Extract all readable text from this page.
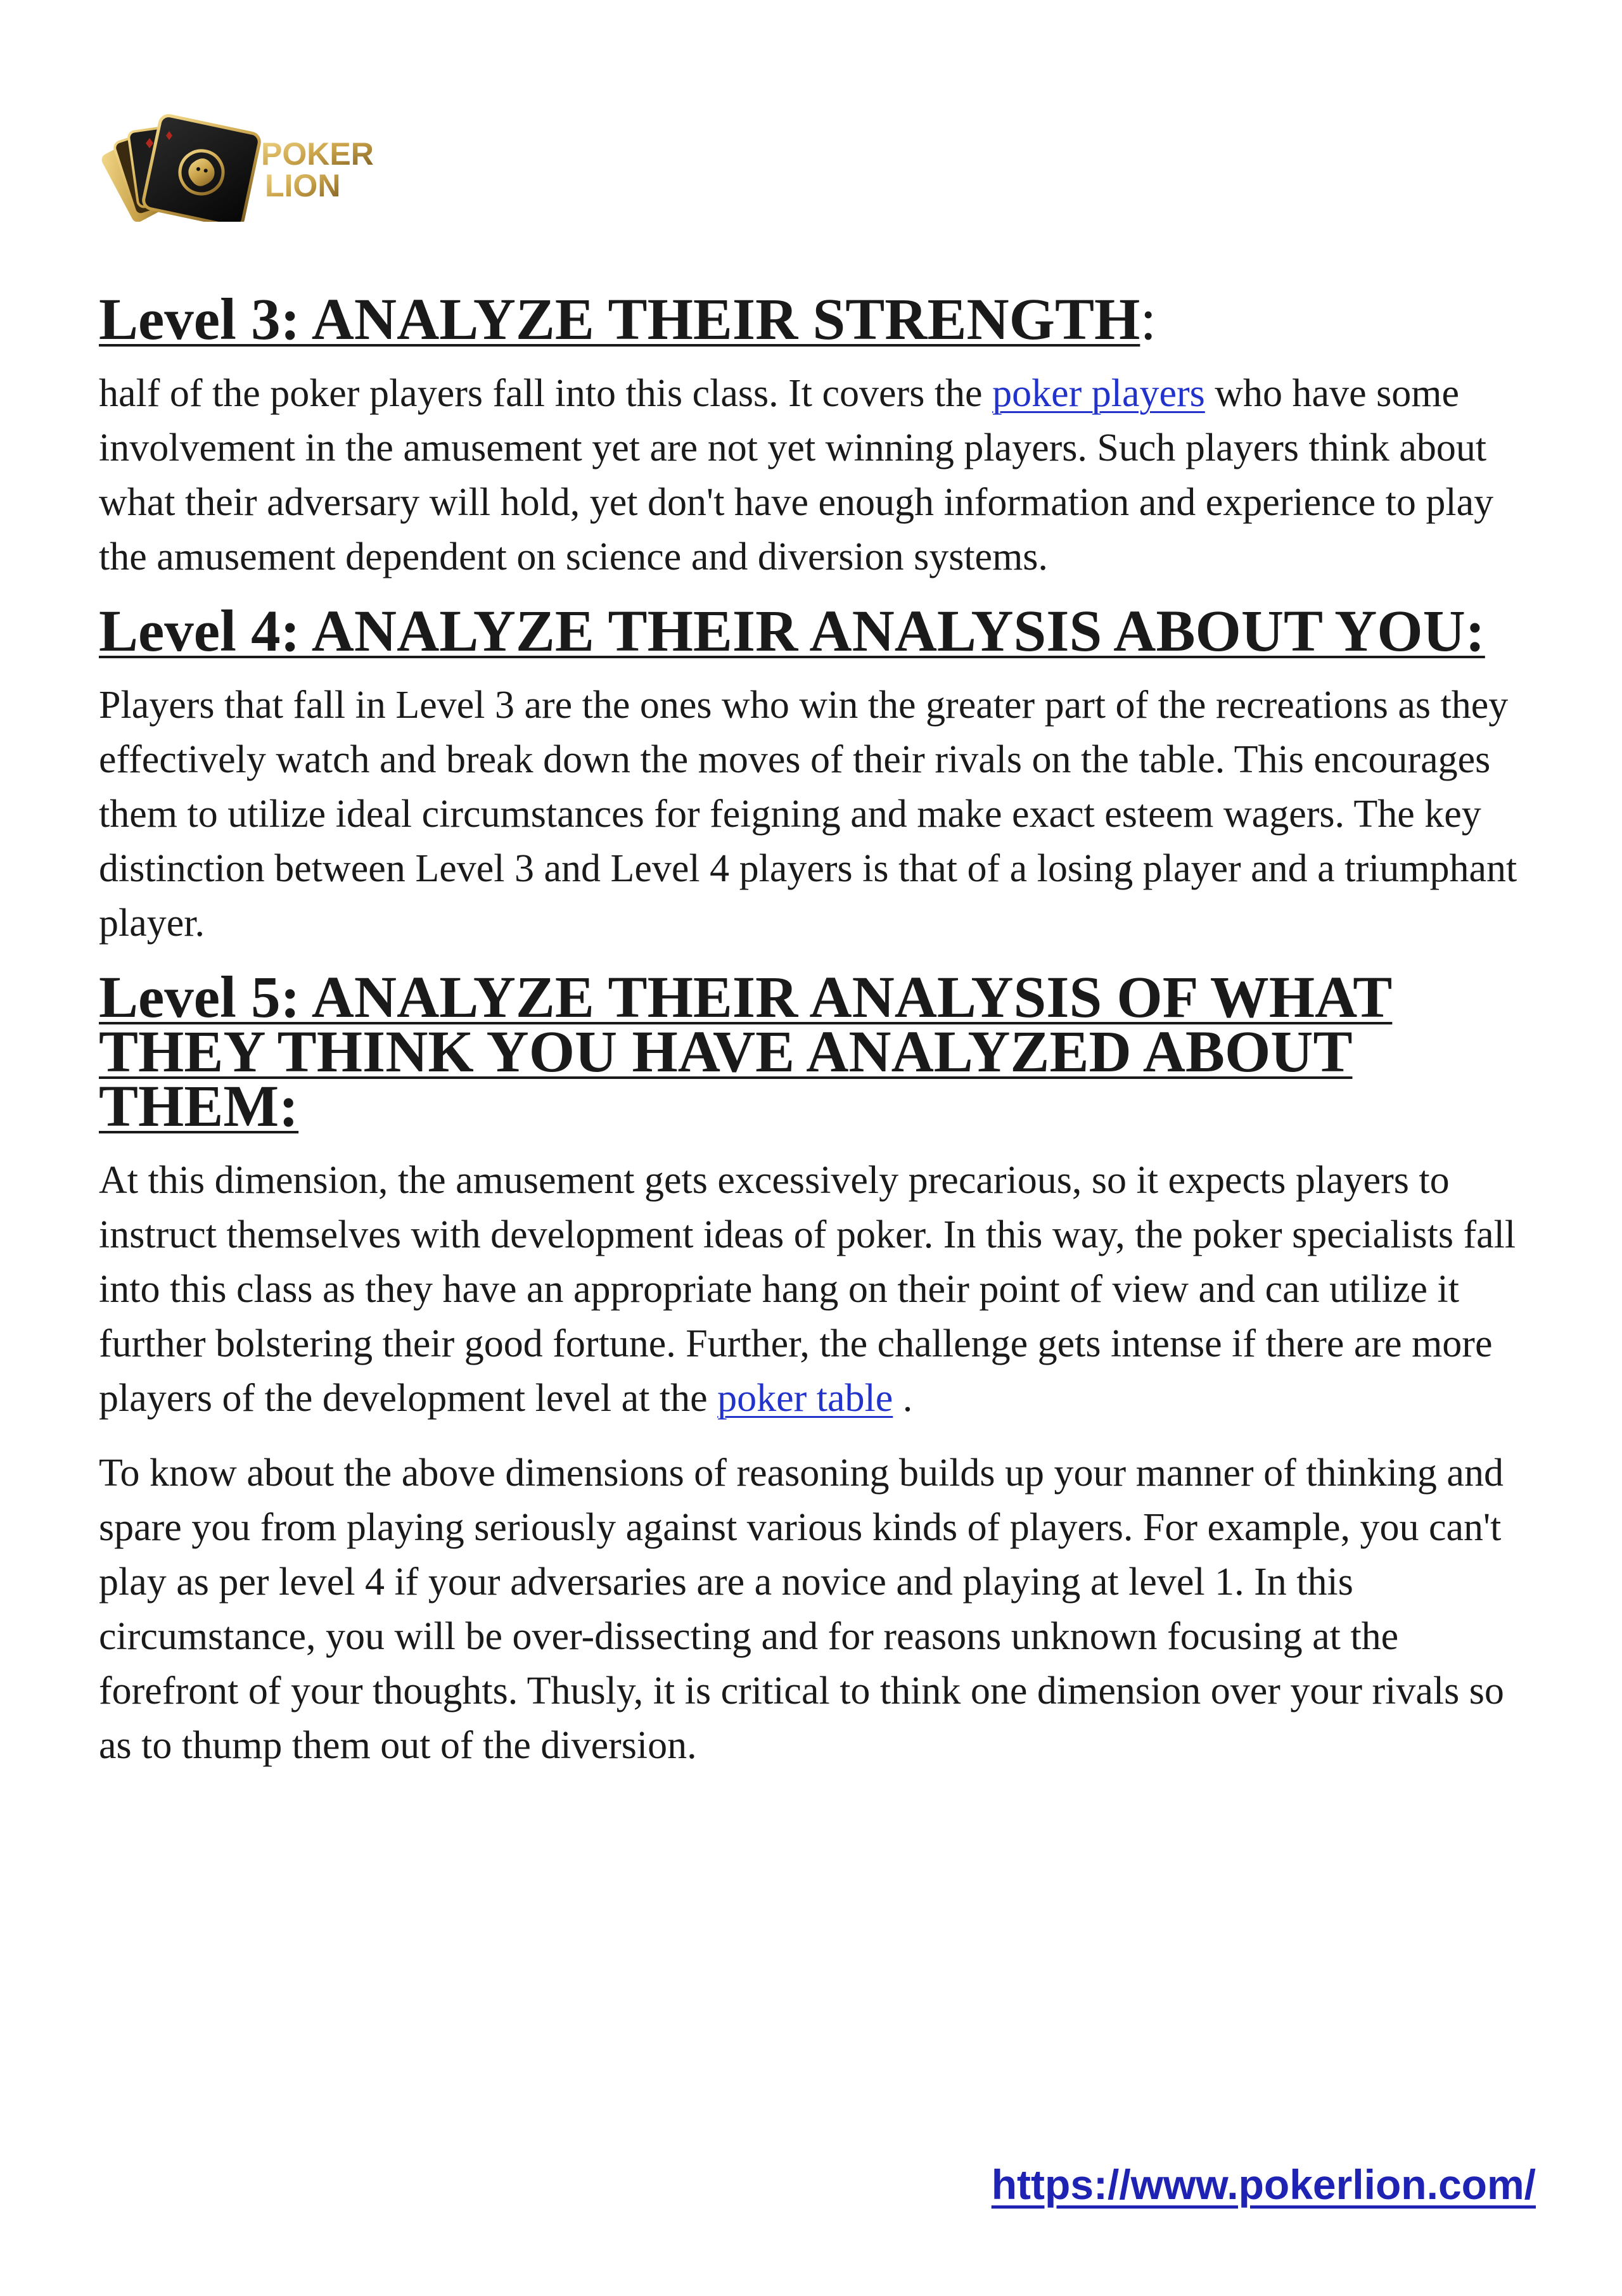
POKER
LION
Level 3: ANALYZE THEIR STRENGTH:

half of the poker players fall into this class. It covers the poker players who have some involvement in the amusement yet are not yet winning players. Such players think about what their adversary will hold, yet don't have enough information and experience to play the amusement dependent on science and diversion systems.

Level 4: ANALYZE THEIR ANALYSIS ABOUT YOU:

Players that fall in Level 3 are the ones who win the greater part of the recreations as they effectively watch and break down the moves of their rivals on the table. This encourages them to utilize ideal circumstances for feigning and make exact esteem wagers. The key distinction between Level 3 and Level 4 players is that of a losing player and a triumphant player.

Level 5: ANALYZE THEIR ANALYSIS OF WHAT THEY THINK YOU HAVE ANALYZED ABOUT THEM:

At this dimension, the amusement gets excessively precarious, so it expects players to instruct themselves with development ideas of poker. In this way, the poker specialists fall into this class as they have an appropriate hang on their point of view and can utilize it further bolstering their good fortune. Further, the challenge gets intense if there are more players of the development level at the poker table .

To know about the above dimensions of reasoning builds up your manner of thinking and spare you from playing seriously against various kinds of players. For example, you can't play as per level 4 if your adversaries are a novice and playing at level 1. In this circumstance, you will be over-dissecting and for reasons unknown focusing at the forefront of your thoughts. Thusly, it is critical to think one dimension over your rivals so as to thump them out of the diversion.

https://www.pokerlion.com/
